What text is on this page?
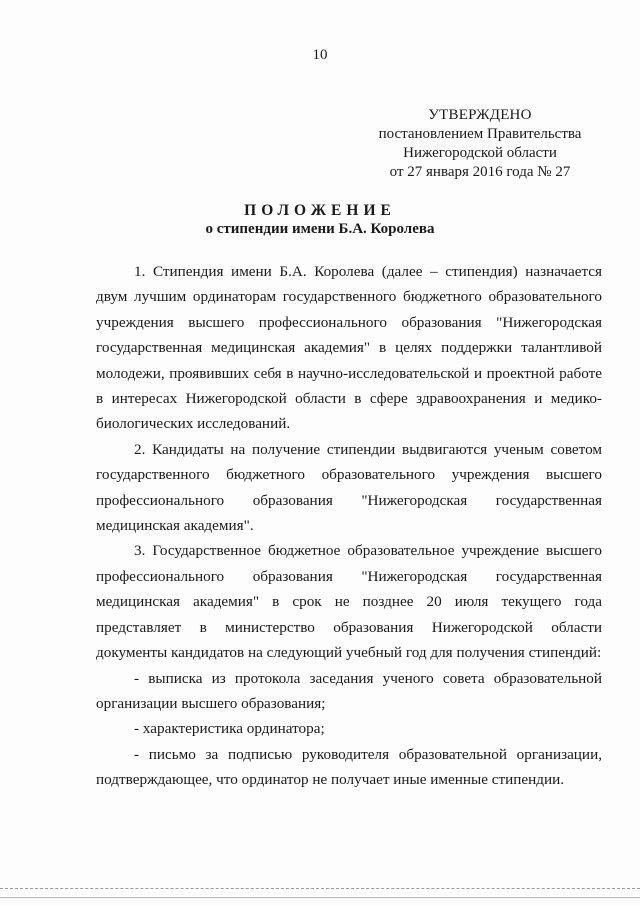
10
УТВЕРЖДЕНО
постановлением Правительства
Нижегородской области
от 27 января 2016 года № 27
ПОЛОЖЕНИЕ
о стипендии имени Б.А. Королева

1. Стипендия имени Б.А. Королева (далее – стипендия) назначается двум лучшим ординаторам государственного бюджетного образовательного учреждения высшего профессионального образования "Нижегородская государственная медицинская академия" в целях поддержки талантливой молодежи, проявивших себя в научно-исследовательской и проектной работе в интересах Нижегородской области в сфере здравоохранения и медико-биологических исследований.

2. Кандидаты на получение стипендии выдвигаются ученым советом государственного бюджетного образовательного учреждения высшего профессионального образования "Нижегородская государственная медицинская академия".

3. Государственное бюджетное образовательное учреждение высшего профессионального образования "Нижегородская государственная медицинская академия" в срок не позднее 20 июля текущего года представляет в министерство образования Нижегородской области документы кандидатов на следующий учебный год для получения стипендий:

- выписка из протокола заседания ученого совета образовательной организации высшего образования;

- характеристика ординатора;

- письмо за подписью руководителя образовательной организации, подтверждающее, что ординатор не получает иные именные стипендии.
